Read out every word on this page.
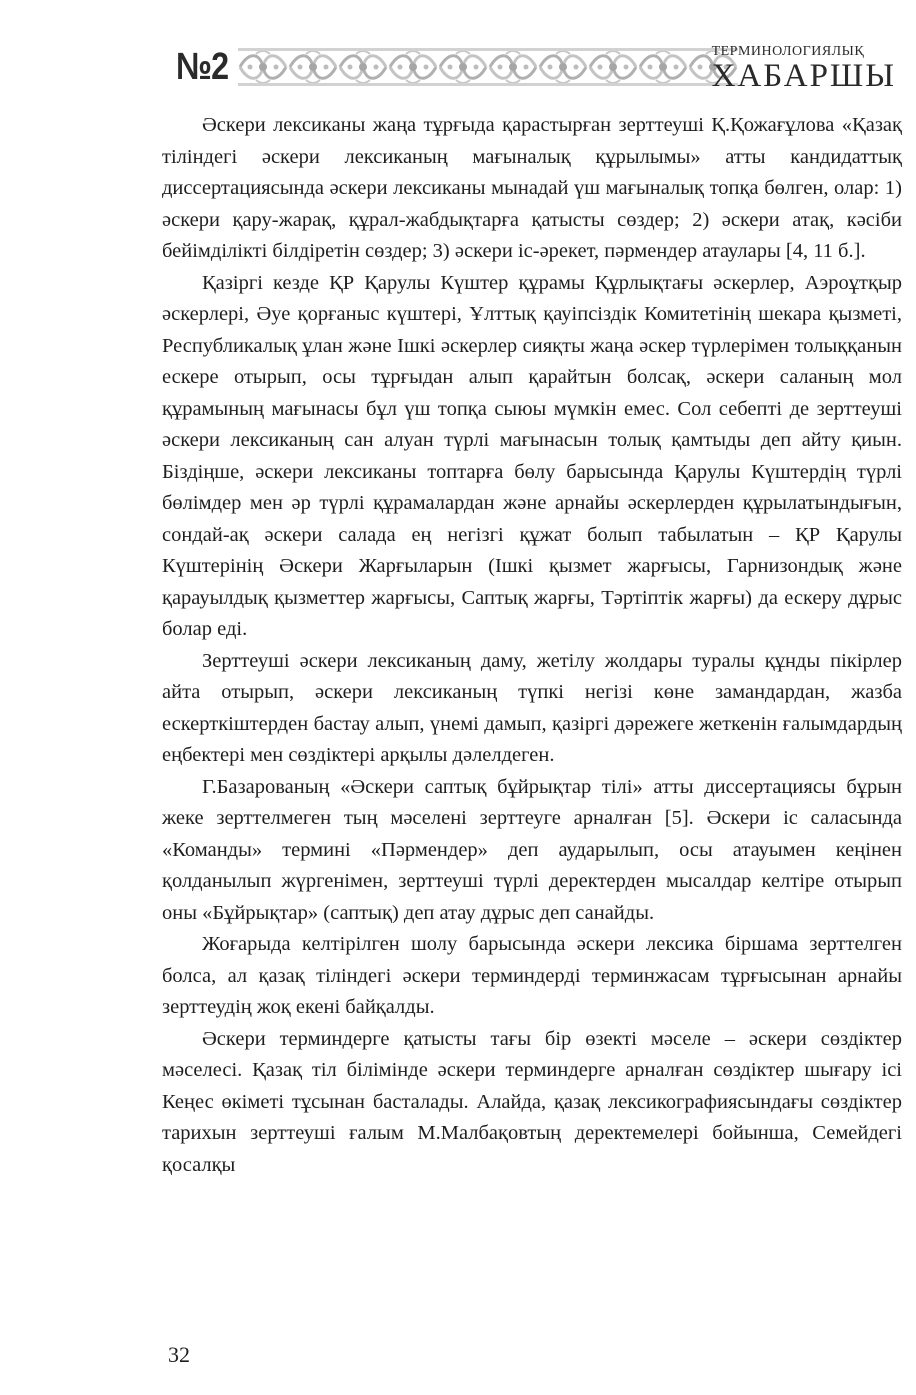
№2	ТЕРМИНОЛОГИЯЛЫҚ
ХАБАРШЫ

Әскери лексиканы жаңа тұрғыда қарастырған зерттеуші Қ.Қожағұлова «Қазақ тіліндегі әскери лексиканың мағыналық құрылымы» атты кандидаттық диссертациясында әскери лексиканы мынадай үш мағыналық топқа бөлген, олар: 1) әскери қару-жарақ, құрал-жабдықтарға қатысты сөздер; 2) әскери атақ, кәсіби бейімділікті білдіретін сөздер; 3) әскери іс-әрекет, пәрмендер атаулары [4, 11 б.].

Қазіргі кезде ҚР Қарулы Күштер құрамы Құрлықтағы әскерлер, Аэроұтқыр әскерлері, Әуе қорғаныс күштері, Ұлттық қауіпсіздік Комитетінің шекара қызметі, Республикалық ұлан және Ішкі әскерлер сияқты жаңа әскер түрлерімен толыққанын ескере отырып, осы тұрғыдан алып қарайтын болсақ, әскери саланың мол құрамының мағынасы бұл үш топқа сыюы мүмкін емес. Сол себепті де зерттеуші әскери лексиканың сан алуан түрлі мағынасын толық қамтыды деп айту қиын. Біздіңше, әскери лексиканы топтарға бөлу барысында Қарулы Күштердің түрлі бөлімдер мен әр түрлі құрамалардан және арнайы әскерлерден құрылатындығын, сондай-ақ әскери салада ең негізгі құжат болып табылатын – ҚР Қарулы Күштерінің Әскери Жарғыларын (Ішкі қызмет жарғысы, Гарнизондық және қарауылдық қызметтер жарғысы, Саптық жарғы, Тәртіптік жарғы) да ескеру дұрыс болар еді.

Зерттеуші әскери лексиканың даму, жетілу жолдары туралы құнды пікірлер айта отырып, әскери лексиканың түпкі негізі көне замандардан, жазба ескерткіштерден бастау алып, үнемі дамып, қазіргі дәрежеге жеткенін ғалымдардың еңбектері мен сөздіктері арқылы дәлелдеген.

Г.Базарованың «Әскери саптық бұйрықтар тілі» атты диссертациясы бұрын жеке зерттелмеген тың мәселені зерттеуге арналған [5]. Әскери іс саласында «Команды» термині «Пәрмендер» деп аударылып, осы атауымен кеңінен қолданылып жүргенімен, зерттеуші түрлі деректерден мысалдар келтіре отырып оны «Бұйрықтар» (саптық) деп атау дұрыс деп санайды.

Жоғарыда келтірілген шолу барысында әскери лексика біршама зерттелген болса, ал қазақ тіліндегі әскери терминдерді терминжасам тұрғысынан арнайы зерттеудің жоқ екені байқалды.

Әскери терминдерге қатысты тағы бір өзекті мәселе – әскери сөздіктер мәселесі. Қазақ тіл білімінде әскери терминдерге арналған сөздіктер шығару ісі Кеңес өкіметі тұсынан басталады. Алайда, қазақ лексикографиясындағы сөздіктер тарихын зерттеуші ғалым М.Малбақовтың деректемелері бойынша, Семейдегі қосалқы

32
